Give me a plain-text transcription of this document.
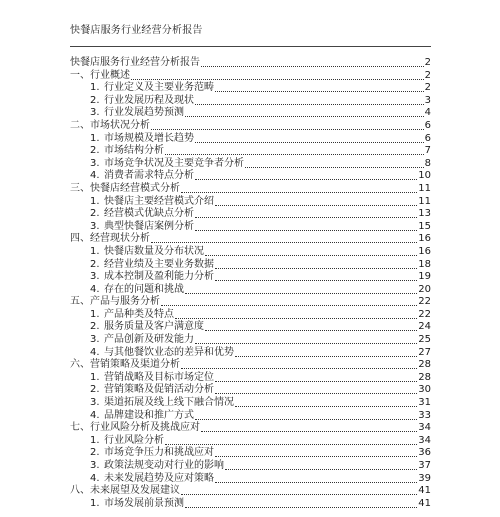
快餐店服务行业经营分析报告
快餐店服务行业经营分析报告	2
一、 行业概述	2
1. 行业定义及主要业务范畴	2
2. 行业发展历程及现状	3
3. 行业发展趋势预测	4
二、 市场状况分析	6
1. 市场规模及增长趋势	6
2. 市场结构分析	7
3. 市场竞争状况及主要竞争者分析	8
4. 消费者需求特点分析	10
三、 快餐店经营模式分析	11
1. 快餐店主要经营模式介绍	11
2. 经营模式优缺点分析	13
3. 典型快餐店案例分析	15
四、 经营现状分析	16
1. 快餐店数量及分布状况	16
2. 经营业绩及主要业务数据	18
3. 成本控制及盈利能力分析	19
4. 存在的问题和挑战	20
五、 产品与服务分析	22
1. 产品种类及特点	22
2. 服务质量及客户满意度	24
3. 产品创新及研发能力	25
4. 与其他餐饮业态的差异和优势	27
六、 营销策略及渠道分析	28
1. 营销战略及目标市场定位	28
2. 营销策略及促销活动分析	30
3. 渠道拓展及线上线下融合情况	31
4. 品牌建设和推广方式	33
七、 行业风险分析及挑战应对	34
1. 行业风险分析	34
2. 市场竞争压力和挑战应对	36
3. 政策法规变动对行业的影响	37
4. 未来发展趋势及应对策略	39
八、 未来展望及发展建议	41
1. 市场发展前景预测	41
